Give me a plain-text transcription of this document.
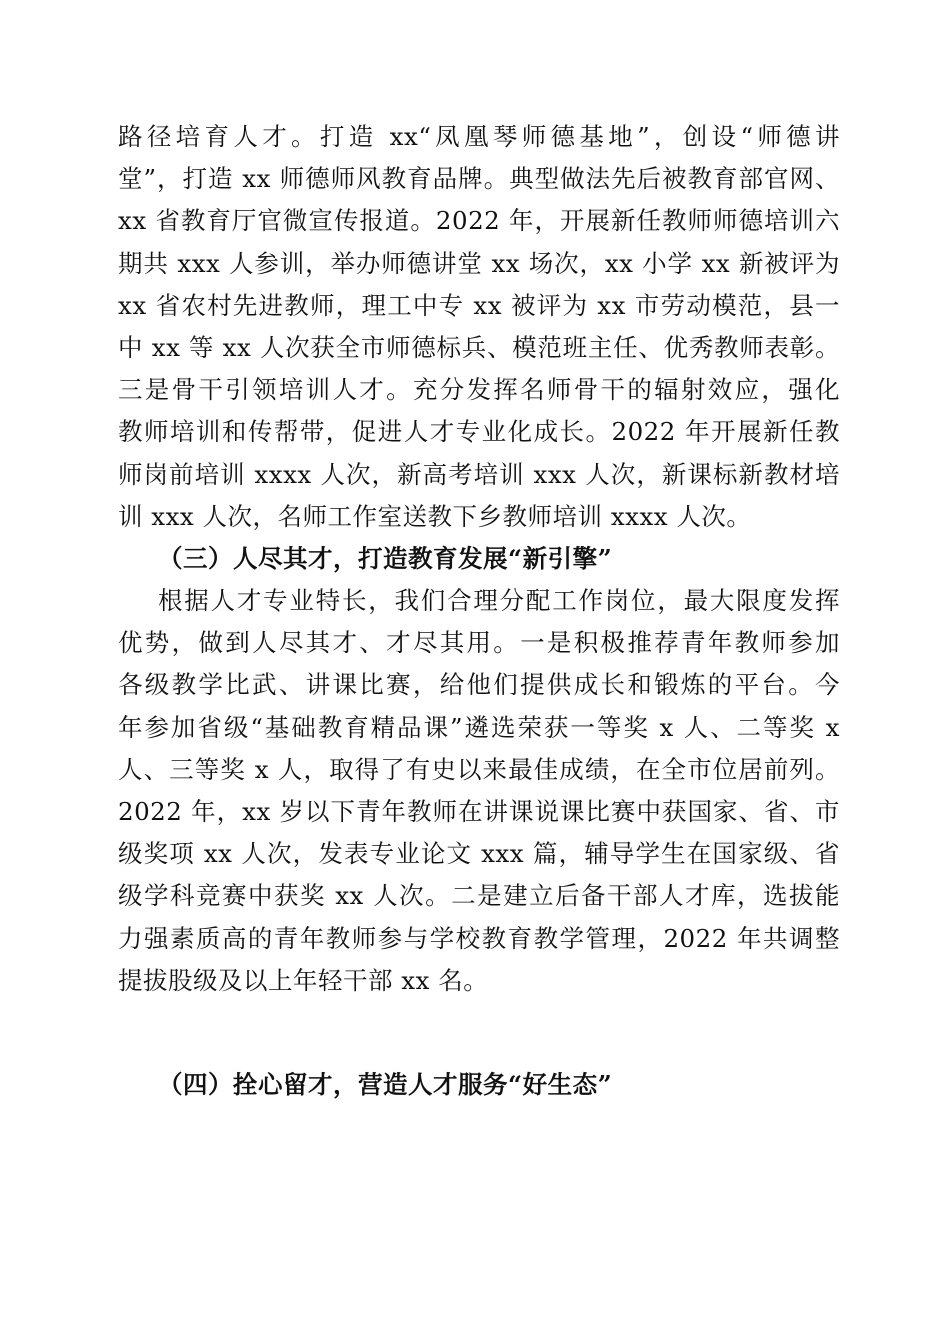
路径培育人才。打造 xx“凤凰琴师德基地”，创设“师德讲
堂”，打造 xx 师德师风教育品牌。典型做法先后被教育部官网、
xx 省教育厅官微宣传报道。2022 年，开展新任教师师德培训六
期共 xxx 人参训，举办师德讲堂 xx 场次，xx 小学 xx 新被评为
xx 省农村先进教师，理工中专 xx 被评为 xx 市劳动模范，县一
中 xx 等 xx 人次获全市师德标兵、模范班主任、优秀教师表彰。
三是骨干引领培训人才。充分发挥名师骨干的辐射效应，强化
教师培训和传帮带，促进人才专业化成长。2022 年开展新任教
师岗前培训 xxxx 人次，新高考培训 xxx 人次，新课标新教材培
训 xxx 人次，名师工作室送教下乡教师培训 xxxx 人次。
（三）人尽其才，打造教育发展“新引擎”
根据人才专业特长，我们合理分配工作岗位，最大限度发挥
优势，做到人尽其才、才尽其用。一是积极推荐青年教师参加
各级教学比武、讲课比赛，给他们提供成长和锻炼的平台。今
年参加省级“基础教育精品课”遴选荣获一等奖 x 人、二等奖 x
人、三等奖 x 人，取得了有史以来最佳成绩，在全市位居前列。
2022 年，xx 岁以下青年教师在讲课说课比赛中获国家、省、市
级奖项 xx 人次，发表专业论文 xxx 篇，辅导学生在国家级、省
级学科竞赛中获奖 xx 人次。二是建立后备干部人才库，选拔能
力强素质高的青年教师参与学校教育教学管理，2022 年共调整
提拔股级及以上年轻干部 xx 名。
（四）拴心留才，营造人才服务“好生态”
